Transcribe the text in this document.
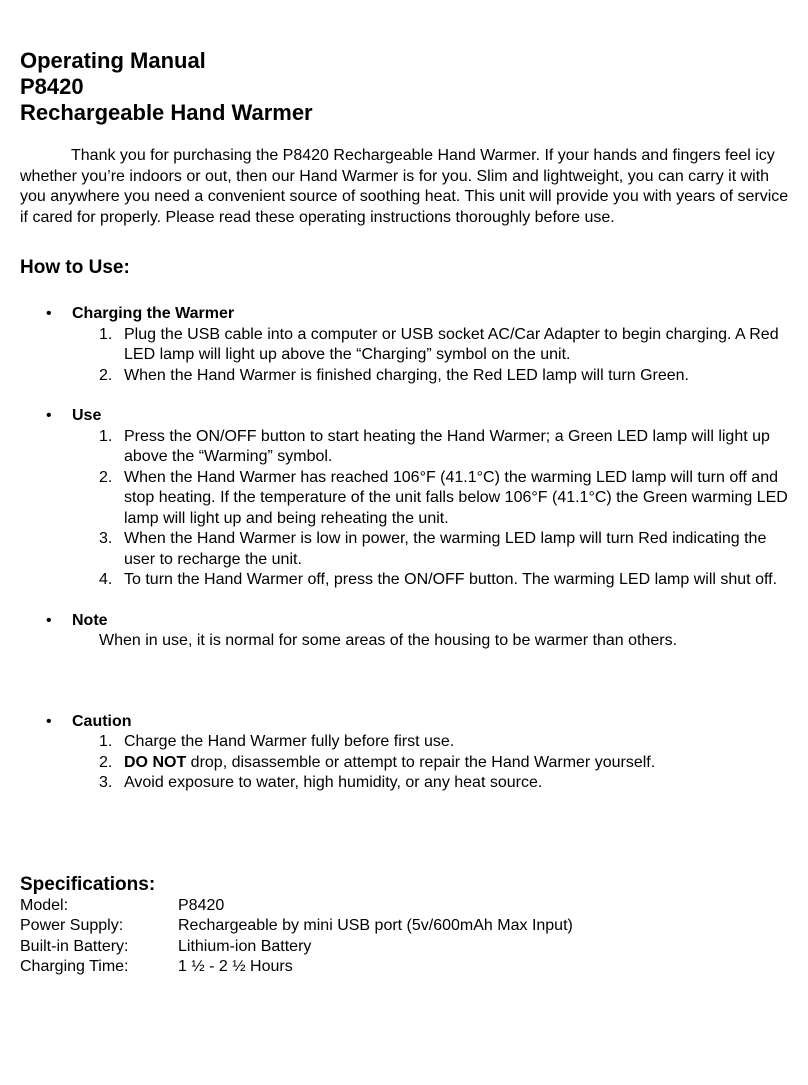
Operating Manual
P8420
Rechargeable Hand Warmer
Thank you for purchasing the P8420 Rechargeable Hand Warmer. If your hands and fingers feel icy whether you’re indoors or out, then our Hand Warmer is for you. Slim and lightweight, you can carry it with you anywhere you need a convenient source of soothing heat. This unit will provide you with years of service if cared for properly. Please read these operating instructions thoroughly before use.
How to Use:
• Charging the Warmer
1. Plug the USB cable into a computer or USB socket AC/Car Adapter to begin charging. A Red LED lamp will light up above the “Charging” symbol on the unit.
2. When the Hand Warmer is finished charging, the Red LED lamp will turn Green.
• Use
1. Press the ON/OFF button to start heating the Hand Warmer; a Green LED lamp will light up above the “Warming” symbol.
2. When the Hand Warmer has reached 106°F (41.1°C) the warming LED lamp will turn off and stop heating. If the temperature of the unit falls below 106°F (41.1°C) the Green warming LED lamp will light up and being reheating the unit.
3. When the Hand Warmer is low in power, the warming LED lamp will turn Red indicating the user to recharge the unit.
4. To turn the Hand Warmer off, press the ON/OFF button. The warming LED lamp will shut off.
• Note
When in use, it is normal for some areas of the housing to be warmer than others.
• Caution
1. Charge the Hand Warmer fully before first use.
2. DO NOT drop, disassemble or attempt to repair the Hand Warmer yourself.
3. Avoid exposure to water, high humidity, or any heat source.
Specifications:
Model:	P8420
Power Supply:	Rechargeable by mini USB port (5v/600mAh Max Input)
Built-in Battery:	Lithium-ion Battery
Charging Time:	1 ½ - 2 ½ Hours
